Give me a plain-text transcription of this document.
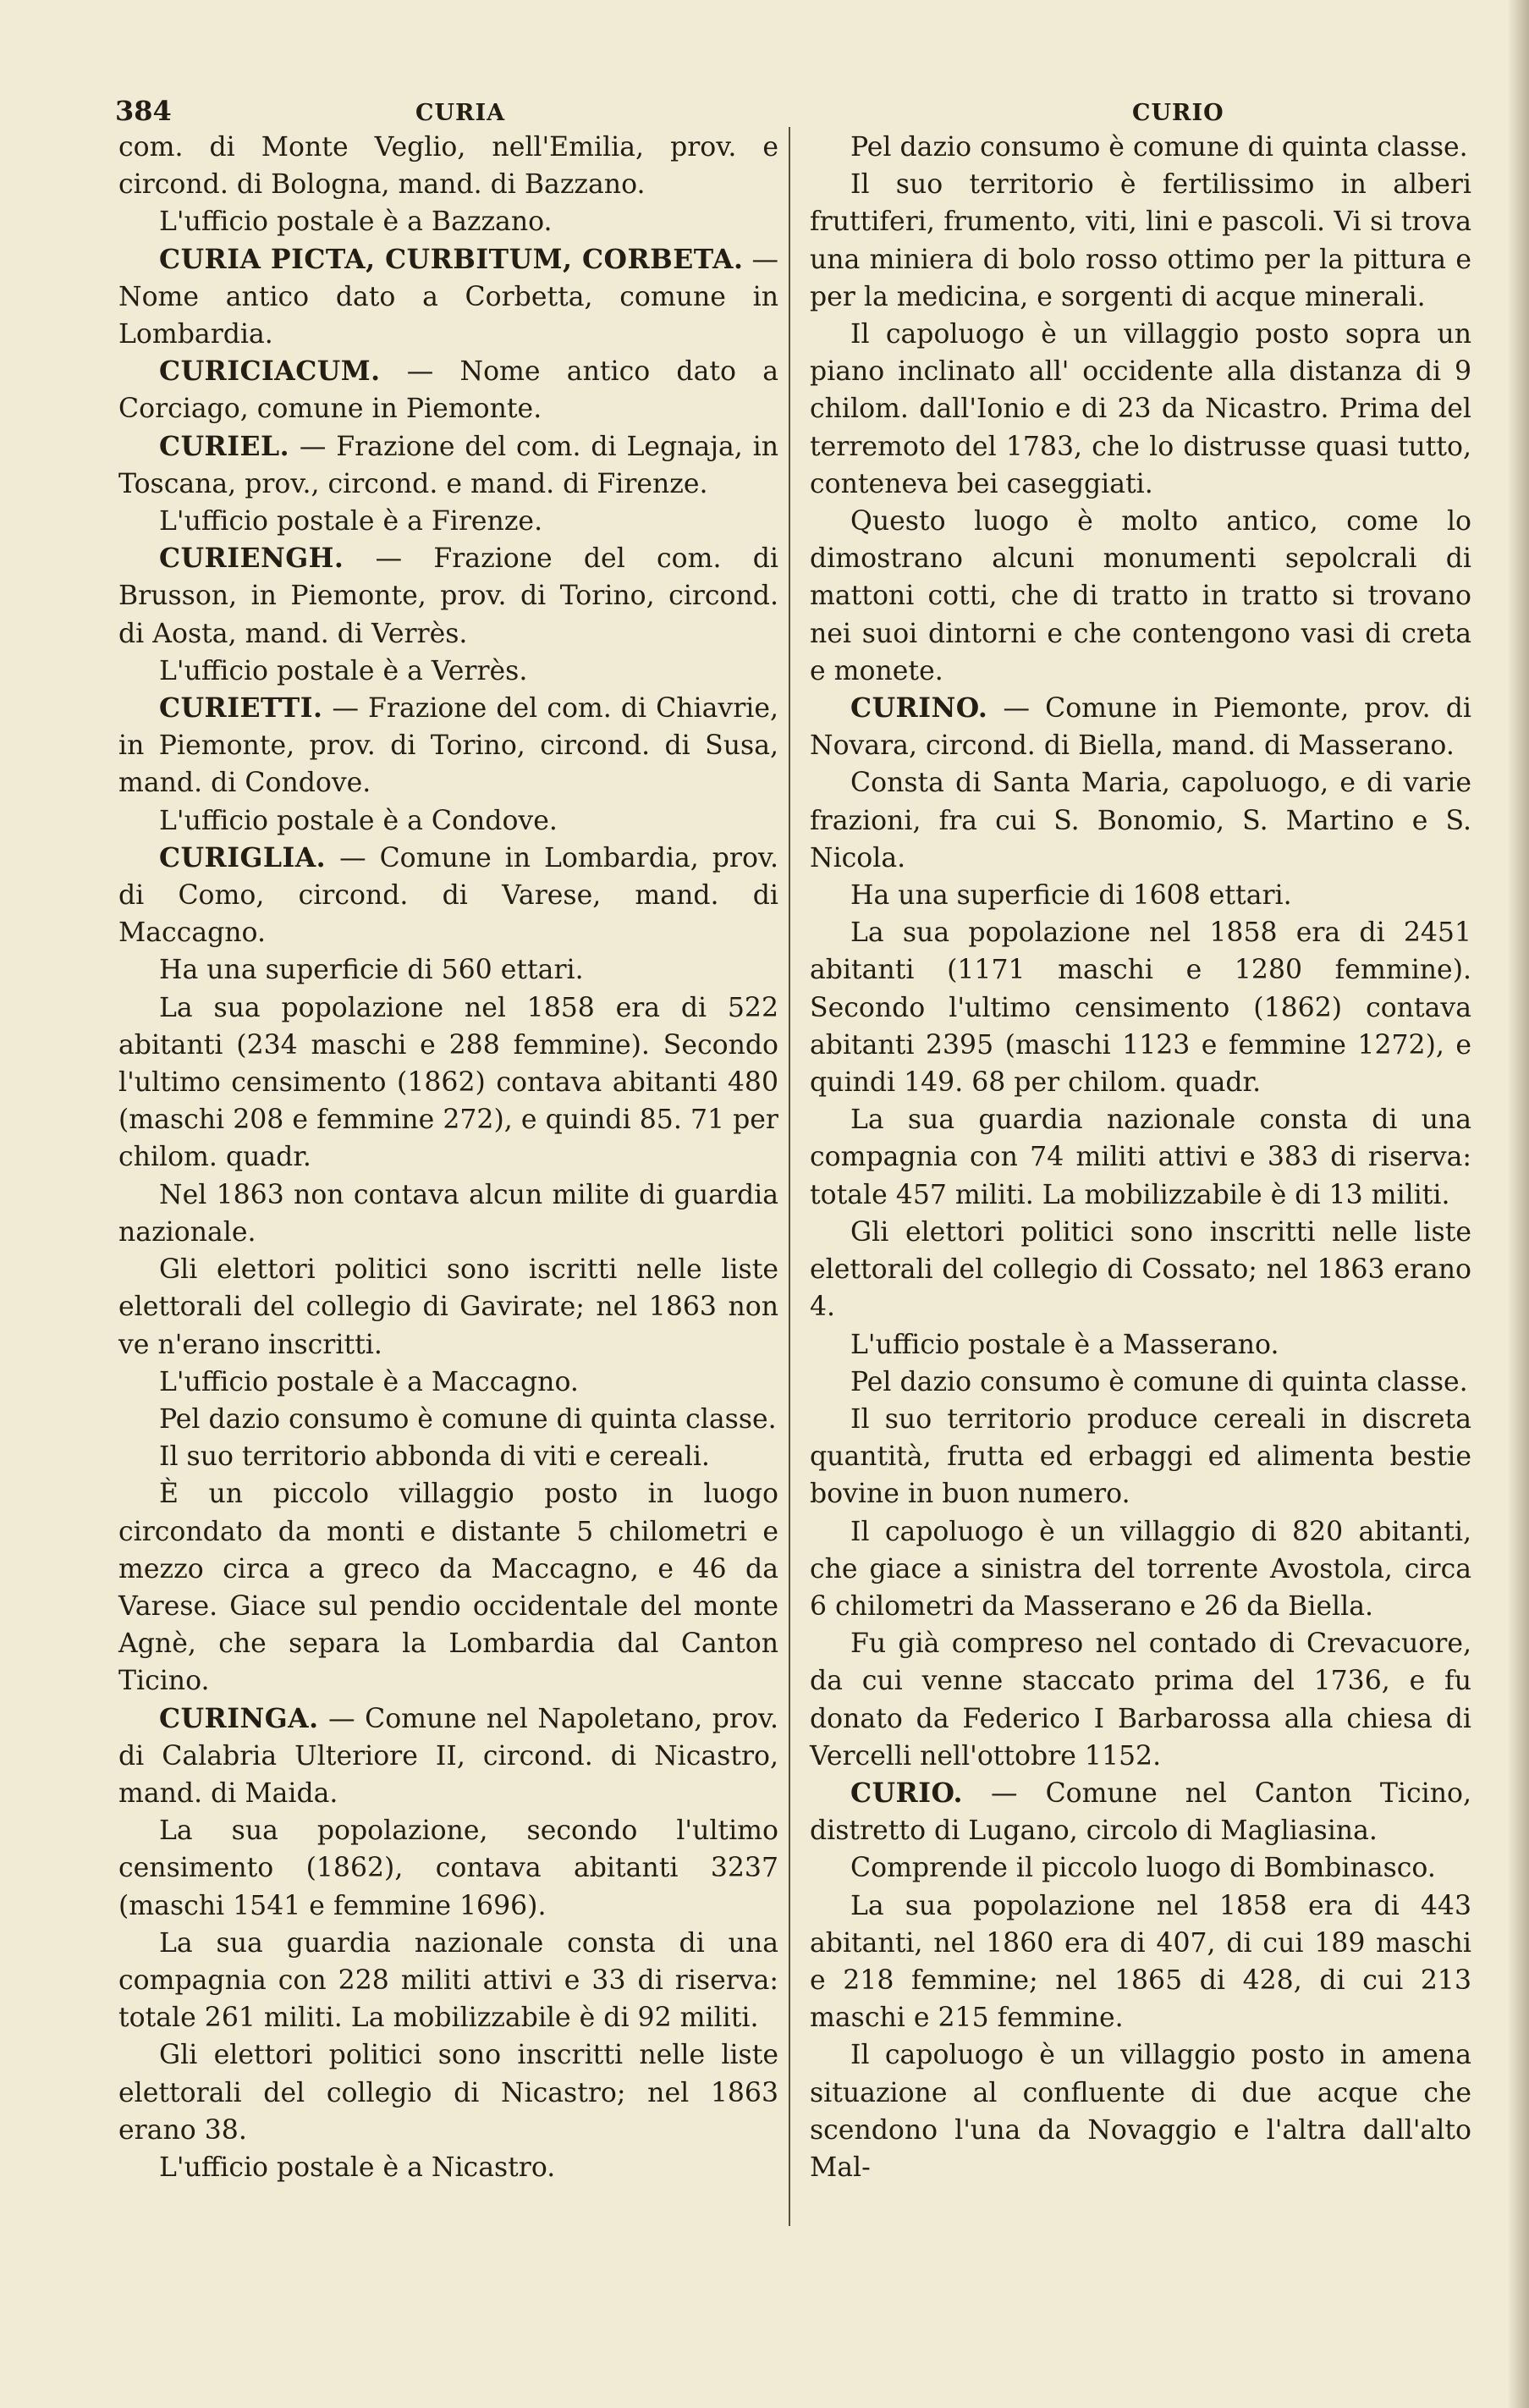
384	CURIA	CURIO

com. di Monte Veglio, nell'Emilia, prov. e circond. di Bologna, mand. di Bazzano.

L'ufficio postale è a Bazzano.

CURIA PICTA, CURBITUM, CORBETA. — Nome antico dato a Corbetta, comune in Lombardia.

CURICIACUM. — Nome antico dato a Corciago, comune in Piemonte.

CURIEL. — Frazione del com. di Legnaja, in Toscana, prov., circond. e mand. di Firenze.

L'ufficio postale è a Firenze.

CURIENGH. — Frazione del com. di Brusson, in Piemonte, prov. di Torino, circond. di Aosta, mand. di Verrès.

L'ufficio postale è a Verrès.

CURIETTI. — Frazione del com. di Chiavrie, in Piemonte, prov. di Torino, circond. di Susa, mand. di Condove.

L'ufficio postale è a Condove.

CURIGLIA. — Comune in Lombardia, prov. di Como, circond. di Varese, mand. di Maccagno.

Ha una superficie di 560 ettari.

La sua popolazione nel 1858 era di 522 abitanti (234 maschi e 288 femmine). Secondo l'ultimo censimento (1862) contava abitanti 480 (maschi 208 e femmine 272), e quindi 85. 71 per chilom. quadr.

Nel 1863 non contava alcun milite di guardia nazionale.

Gli elettori politici sono iscritti nelle liste elettorali del collegio di Gavirate; nel 1863 non ve n'erano inscritti.

L'ufficio postale è a Maccagno.

Pel dazio consumo è comune di quinta classe.

Il suo territorio abbonda di viti e cereali.

È un piccolo villaggio posto in luogo circondato da monti e distante 5 chilometri e mezzo circa a greco da Maccagno, e 46 da Varese. Giace sul pendio occidentale del monte Agnè, che separa la Lombardia dal Canton Ticino.

CURINGA. — Comune nel Napoletano, prov. di Calabria Ulteriore II, circond. di Nicastro, mand. di Maida.

La sua popolazione, secondo l'ultimo censimento (1862), contava abitanti 3237 (maschi 1541 e femmine 1696).

La sua guardia nazionale consta di una compagnia con 228 militi attivi e 33 di riserva: totale 261 militi. La mobilizzabile è di 92 militi.

Gli elettori politici sono inscritti nelle liste elettorali del collegio di Nicastro; nel 1863 erano 38.

L'ufficio postale è a Nicastro.

Pel dazio consumo è comune di quinta classe.

Il suo territorio è fertilissimo in alberi fruttiferi, frumento, viti, lini e pascoli. Vi si trova una miniera di bolo rosso ottimo per la pittura e per la medicina, e sorgenti di acque minerali.

Il capoluogo è un villaggio posto sopra un piano inclinato all' occidente alla distanza di 9 chilom. dall'Ionio e di 23 da Nicastro. Prima del terremoto del 1783, che lo distrusse quasi tutto, conteneva bei caseggiati.

Questo luogo è molto antico, come lo dimostrano alcuni monumenti sepolcrali di mattoni cotti, che di tratto in tratto si trovano nei suoi dintorni e che contengono vasi di creta e monete.

CURINO. — Comune in Piemonte, prov. di Novara, circond. di Biella, mand. di Masserano.

Consta di Santa Maria, capoluogo, e di varie frazioni, fra cui S. Bonomio, S. Martino e S. Nicola.

Ha una superficie di 1608 ettari.

La sua popolazione nel 1858 era di 2451 abitanti (1171 maschi e 1280 femmine). Secondo l'ultimo censimento (1862) contava abitanti 2395 (maschi 1123 e femmine 1272), e quindi 149. 68 per chilom. quadr.

La sua guardia nazionale consta di una compagnia con 74 militi attivi e 383 di riserva: totale 457 militi. La mobilizzabile è di 13 militi.

Gli elettori politici sono inscritti nelle liste elettorali del collegio di Cossato; nel 1863 erano 4.

L'ufficio postale è a Masserano.

Pel dazio consumo è comune di quinta classe.

Il suo territorio produce cereali in discreta quantità, frutta ed erbaggi ed alimenta bestie bovine in buon numero.

Il capoluogo è un villaggio di 820 abitanti, che giace a sinistra del torrente Avostola, circa 6 chilometri da Masserano e 26 da Biella.

Fu già compreso nel contado di Crevacuore, da cui venne staccato prima del 1736, e fu donato da Federico I Barbarossa alla chiesa di Vercelli nell'ottobre 1152.

CURIO. — Comune nel Canton Ticino, distretto di Lugano, circolo di Magliasina.

Comprende il piccolo luogo di Bombinasco.

La sua popolazione nel 1858 era di 443 abitanti, nel 1860 era di 407, di cui 189 maschi e 218 femmine; nel 1865 di 428, di cui 213 maschi e 215 femmine.

Il capoluogo è un villaggio posto in amena situazione al confluente di due acque che scendono l'una da Novaggio e l'altra dall'alto Mal-
